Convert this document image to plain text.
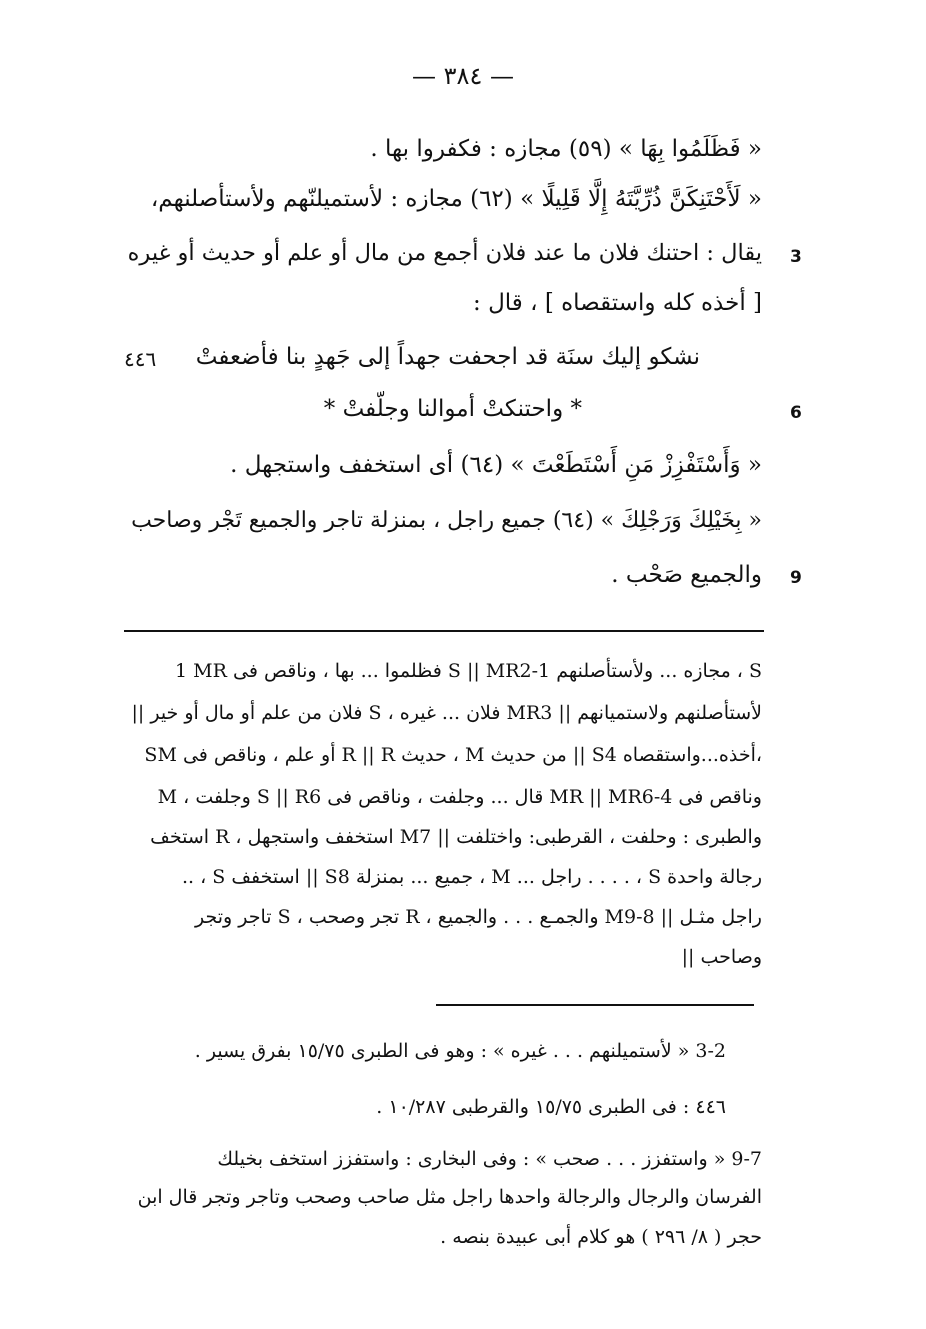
— ٣٨٤ —
« فَظَلَمُوا بِهَا » (٥٩) مجازه : فكفروا بها .
« لَأَحْتَنِكَنَّ ذُرِّيَّتَهُ إِلَّا قَلِيلًا » (٦٢) مجازه : لأستميلنّهم ولأستأصلنهم،
يقال : احتنك فلان ما عند فلان أجمع من مال أو علم أو حديث أو غيره 3
[ أخذه كله واستقصاه ] ، قال :
نشكو إليك سنَة قد اجحفت جهداً إلى جَهدٍ بنا فأضعفتْ
٤٤٦
* واحتنكتْ أموالنا وجلّفتْ *	6
« وَأَسْتَفْزِزْ مَنِ أَسْتَطَعْتَ » (٦٤) أى استخفف واستجهل .
« بِخَيْلِكَ وَرَجْلِكَ » (٦٤) جميع راجل ، بمنزلة تاجر والجميع تَجْر وصاحب
والجميع صَحْب . 9
1 MR فظلموا ... بها ، وناقص فى S || MR2-1 مجازه ... ولأستأصلنهم ، S
لأستأصلنهم ولاستميانهم || MR3 فلان ... غيره ، S فلان من علم أو مال أو خير ||
SM أو علم ، وناقص فى R || R حديث ، M من حديث || S4 أخذه...واستقصاه،
وناقص فى MR || MR6-4 قال ... وجلفت ، وناقص فى S || R6 وجلفت ، M
والطبرى : وحلفت ، القرطبى: واختلفت || M7 استخفف واستجهل ، R استخف
.. ، S استخفف || S8 جميع ... بمنزلة ، M ... راجل . . . . ، S رجالة واحدة
راجل مثـل || M9-8 والجمـع . . . والجميع ، R تجر وصحب ، S تاجر وتجر
وصاحب ||
3-2 « لأستميلنهم . . . غيره » : وهو فى الطبرى ١٥/٧٥ بفرق يسير .
٤٤٦ : فى الطبرى ١٥/٧٥ والقرطبى ١٠/٢٨٧ .
9-7 « واستفزز . . . صحب » : وفى البخارى : واستفزز استخف بخيلك
الفرسان والرجال والرجالة واحدها راجل مثل صاحب وصحب وتاجر وتجر قال ابن
حجر ( ٨/ ٢٩٦ ) هو كلام أبى عبيدة بنصه .
